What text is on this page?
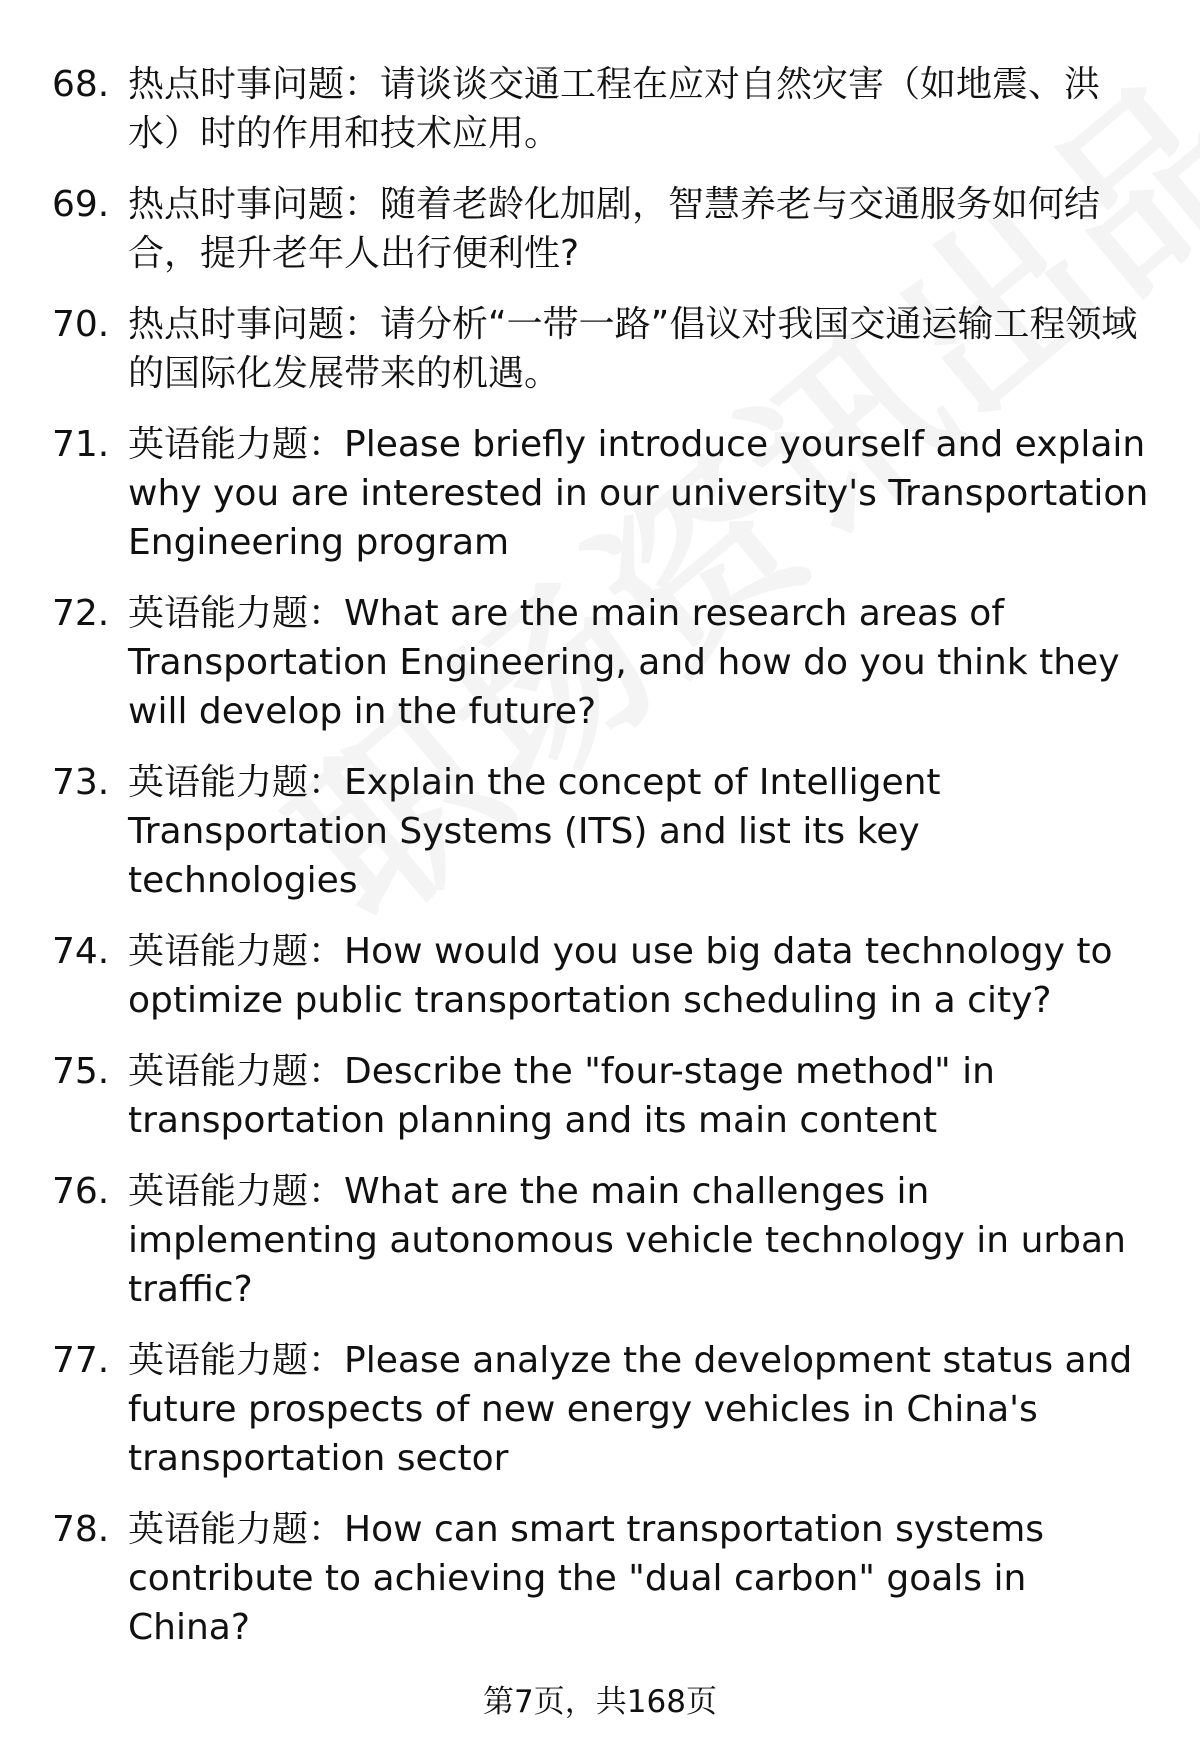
68. 热点时事问题：请谈谈交通工程在应对自然灾害（如地震、洪水）时的作用和技术应用。
69. 热点时事问题：随着老龄化加剧，智慧养老与交通服务如何结合，提升老年人出行便利性?
70. 热点时事问题：请分析“一带一路”倡议对我国交通运输工程领域的国际化发展带来的机遇。
71. 英语能力题：Please briefly introduce yourself and explain why you are interested in our university's Transportation Engineering program
72. 英语能力题：What are the main research areas of Transportation Engineering, and how do you think they will develop in the future?
73. 英语能力题：Explain the concept of Intelligent Transportation Systems (ITS) and list its key technologies
74. 英语能力题：How would you use big data technology to optimize public transportation scheduling in a city?
75. 英语能力题：Describe the "four-stage method" in transportation planning and its main content
76. 英语能力题：What are the main challenges in implementing autonomous vehicle technology in urban traffic?
77. 英语能力题：Please analyze the development status and future prospects of new energy vehicles in China's transportation sector
78. 英语能力题：How can smart transportation systems contribute to achieving the "dual carbon" goals in China?
第7页，共168页
